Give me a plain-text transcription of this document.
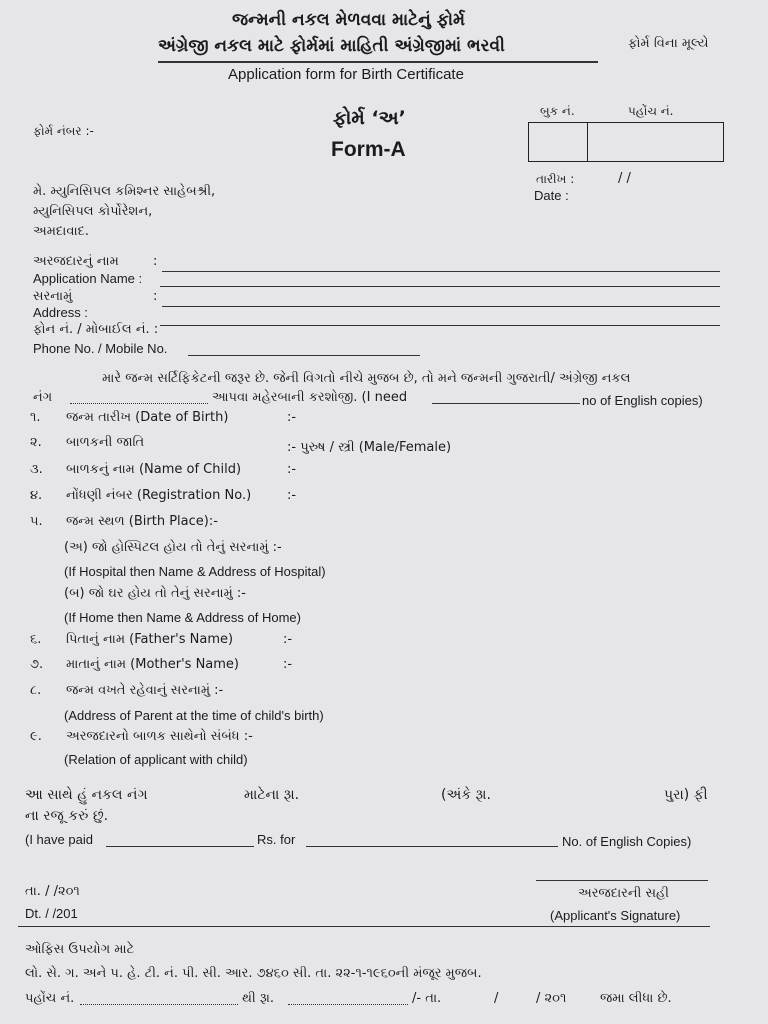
જન્મની નકલ મેળવવા માટેનું ફોર્મ
અંગ્રેજી નકલ માટે ફોર્મમાં માહિતી અંગ્રેજીમાં ભરવી	ફોર્મ વિના મૂલ્યે
Application form for Birth Certificate
ફોર્મ ‘અ’
Form-A
ફોર્મ નંબર :-
બુક નં.	પહોંચ નં.
તારીખ :	/ /
Date :
મે. મ્યુનિસિપલ કમિશ્નર સાહેબશ્રી,
મ્યુનિસિપલ કોર્પોરેશન,
અમદાવાદ.
અરજદારનું નામ	:
Application Name :
સરનામું	:
Address :
ફોન નં. / મોબાઈલ નં. :
Phone No. / Mobile No.
મારે જન્મ સર્ટિફિકેટની જરૂર છે. જેની વિગતો નીચે મુજબ છે, તો મને જન્મની ગુજરાતી/ અંગ્રેજી નકલ
નંગ	આપવા મહેરબાની કરશોજી. (I need	no of English copies)
૧. જન્મ તારીખ (Date of Birth)	:-
૨. બાળકની જાતિ	:- પુરુષ / સ્ત્રી (Male/Female)
૩. બાળકનું નામ (Name of Child)	:-
૪. નોંધણી નંબર (Registration No.)	:-
૫. જન્મ સ્થળ (Birth Place):-
(અ) જો હોસ્પિટલ હોય તો તેનું સરનામું :-
(If Hospital then Name & Address of Hospital)
(બ) જો ઘર હોય તો તેનું સરનામું :-
(If Home then Name & Address of Home)
૬. પિતાનું નામ (Father's Name)	:-
૭. માતાનું નામ (Mother's Name)	:-
૮. જન્મ વખતે રહેવાનું સરનામું :-
(Address of Parent at the time of child's birth)
૯. અરજદારનો બાળક સાથેનો સંબંધ :-
(Relation of applicant with child)
આ સાથે હું નકલ નંગ	માટેના રૂા.	(અંકે રૂા.	પુરા) ફી
ના રજૂ કરું છું.
(I have paid	Rs. for	No. of English Copies)
તા. / /૨૦૧
Dt. / /201
અરજદારની સહી
(Applicant's Signature)
ઓફિસ ઉપયોગ માટે
લો. સે. ગ. અને પ. હે. ટી. નં. પી. સી. આર. ૭૪૬૦ સી. તા. ૨૨-૧-૧૯૬૦ની મંજૂર મુજબ.
પહોંચ નં.	થી રૂા.	/- તા.	/	/ ૨૦૧	જમા લીધા છે.
